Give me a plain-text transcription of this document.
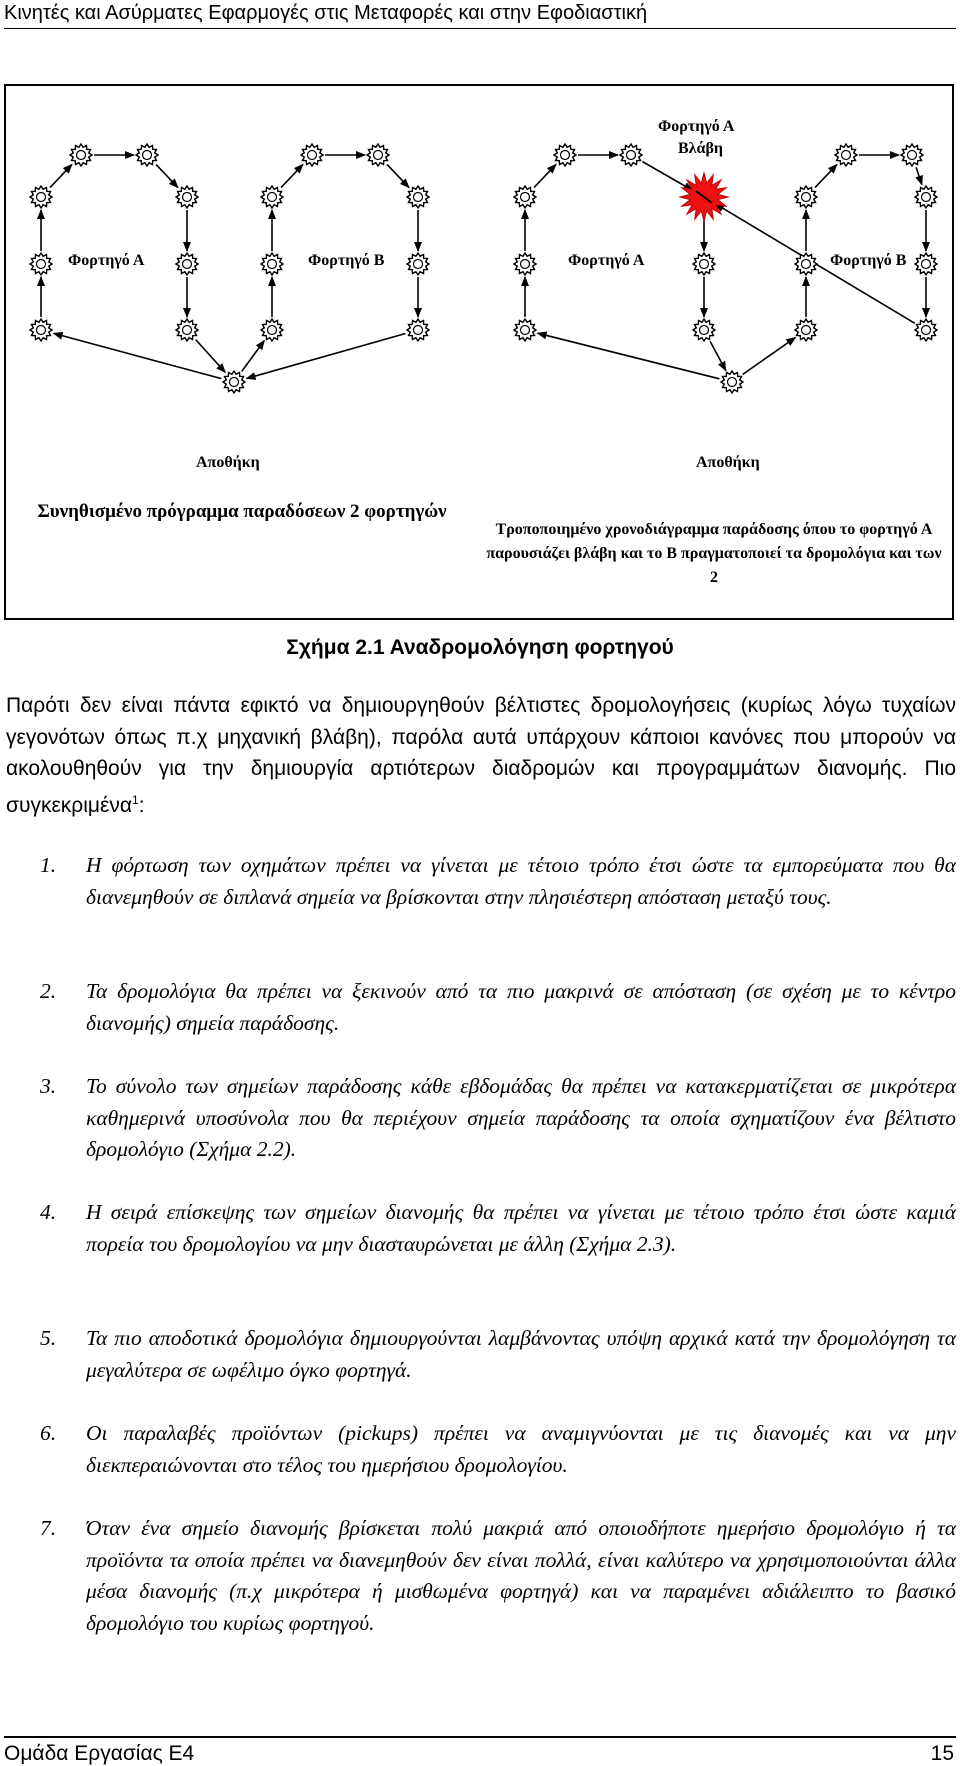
Κινητές και Ασύρματες Εφαρμογές στις Μεταφορές και στην Εφοδιαστική
Φορτηγό Α	Φορτηγό Β
Αποθήκη
Φορτηγό Α
Βλάβη
Φορτηγό Α	Φορτηγό Β
Αποθήκη
Συνηθισμένο πρόγραμμα παραδόσεων 2 φορτηγών
Τροποποιημένο χρονοδιάγραμμα παράδοσης όπου το φορτηγό Α παρουσιάζει βλάβη και το Β πραγματοποιεί τα δρομολόγια και των 2
Σχήμα 2.1 Αναδρομολόγηση φορτηγού
Παρότι δεν είναι πάντα εφικτό να δημιουργηθούν βέλτιστες δρομολογήσεις (κυρίως λόγω τυχαίων γεγονότων όπως π.χ μηχανική βλάβη), παρόλα αυτά υπάρχουν κάποιοι κανόνες που μπορούν να ακολουθηθούν για την δημιουργία αρτιότερων διαδρομών και προγραμμάτων διανομής. Πιο συγκεκριμένα$^1$:
1. Η φόρτωση των οχημάτων πρέπει να γίνεται με τέτοιο τρόπο έτσι ώστε τα εμπορεύματα που θα διανεμηθούν σε διπλανά σημεία να βρίσκονται στην πλησιέστερη απόσταση μεταξύ τους.
2. Τα δρομολόγια θα πρέπει να ξεκινούν από τα πιο μακρινά σε απόσταση (σε σχέση με το κέντρο διανομής) σημεία παράδοσης.
3. Το σύνολο των σημείων παράδοσης κάθε εβδομάδας θα πρέπει να κατακερματίζεται σε μικρότερα καθημερινά υποσύνολα που θα περιέχουν σημεία παράδοσης τα οποία σχηματίζουν ένα βέλτιστο δρομολόγιο (Σχήμα 2.2).
4. Η σειρά επίσκεψης των σημείων διανομής θα πρέπει να γίνεται με τέτοιο τρόπο έτσι ώστε καμιά πορεία του δρομολογίου να μην διασταυρώνεται με άλλη (Σχήμα 2.3).
5. Τα πιο αποδοτικά δρομολόγια δημιουργούνται λαμβάνοντας υπόψη αρχικά κατά την δρομολόγηση τα μεγαλύτερα σε ωφέλιμο όγκο φορτηγά.
6. Οι παραλαβές προϊόντων (pickups) πρέπει να αναμιγνύονται με τις διανομές και να μην διεκπεραιώνονται στο τέλος του ημερήσιου δρομολογίου.
7. Όταν ένα σημείο διανομής βρίσκεται πολύ μακριά από οποιοδήποτε ημερήσιο δρομολόγιο ή τα προϊόντα τα οποία πρέπει να διανεμηθούν δεν είναι πολλά, είναι καλύτερο να χρησιμοποιούνται άλλα μέσα διανομής (π.χ μικρότερα ή μισθωμένα φορτηγά) και να παραμένει αδιάλειπτο το βασικό δρομολόγιο του κυρίως φορτηγού.
Ομάδα Εργασίας Ε4	15
